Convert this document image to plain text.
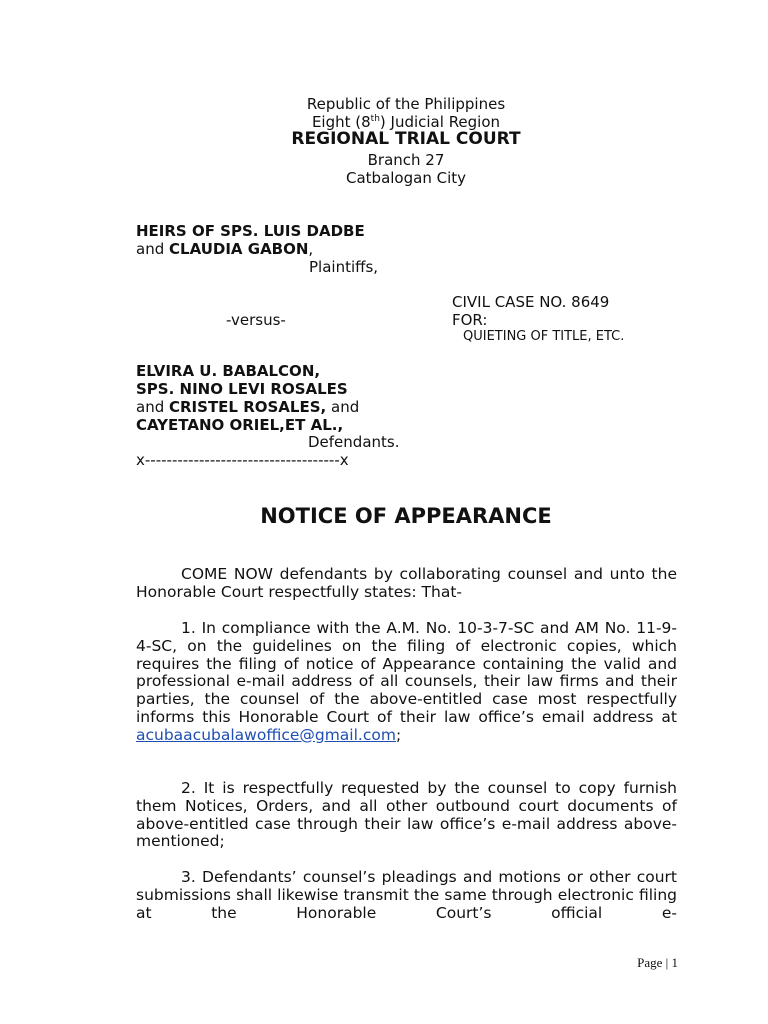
Republic of the Philippines
Eight (8th) Judicial Region
REGIONAL TRIAL COURT
Branch 27
Catbalogan City
HEIRS OF SPS. LUIS DADBE
and CLAUDIA GABON,
Plaintiffs,
CIVIL CASE NO. 8649
-versus-	FOR:
QUIETING OF TITLE, ETC.
ELVIRA U. BABALCON,
SPS. NINO LEVI ROSALES
and CRISTEL ROSALES, and
CAYETANO ORIEL,ET AL.,
Defendants.
x------------------------------------x
NOTICE OF APPEARANCE
COME NOW defendants by collaborating counsel and unto the Honorable Court respectfully states: That-
1. In compliance with the A.M. No. 10-3-7-SC and AM No. 11-9-4-SC, on the guidelines on the filing of electronic copies, which requires the filing of notice of Appearance containing the valid and professional e-mail address of all counsels, their law firms and their parties, the counsel of the above-entitled case most respectfully informs this Honorable Court of their law office’s email address at acubaacubalawoffice@gmail.com;
2. It is respectfully requested by the counsel to copy furnish them Notices, Orders, and all other outbound court documents of above-entitled case through their law office’s e-mail address above-mentioned;
3. Defendants’ counsel’s pleadings and motions or other court submissions shall likewise transmit the same through electronic filing at the Honorable Court’s official e-
Page | 1
